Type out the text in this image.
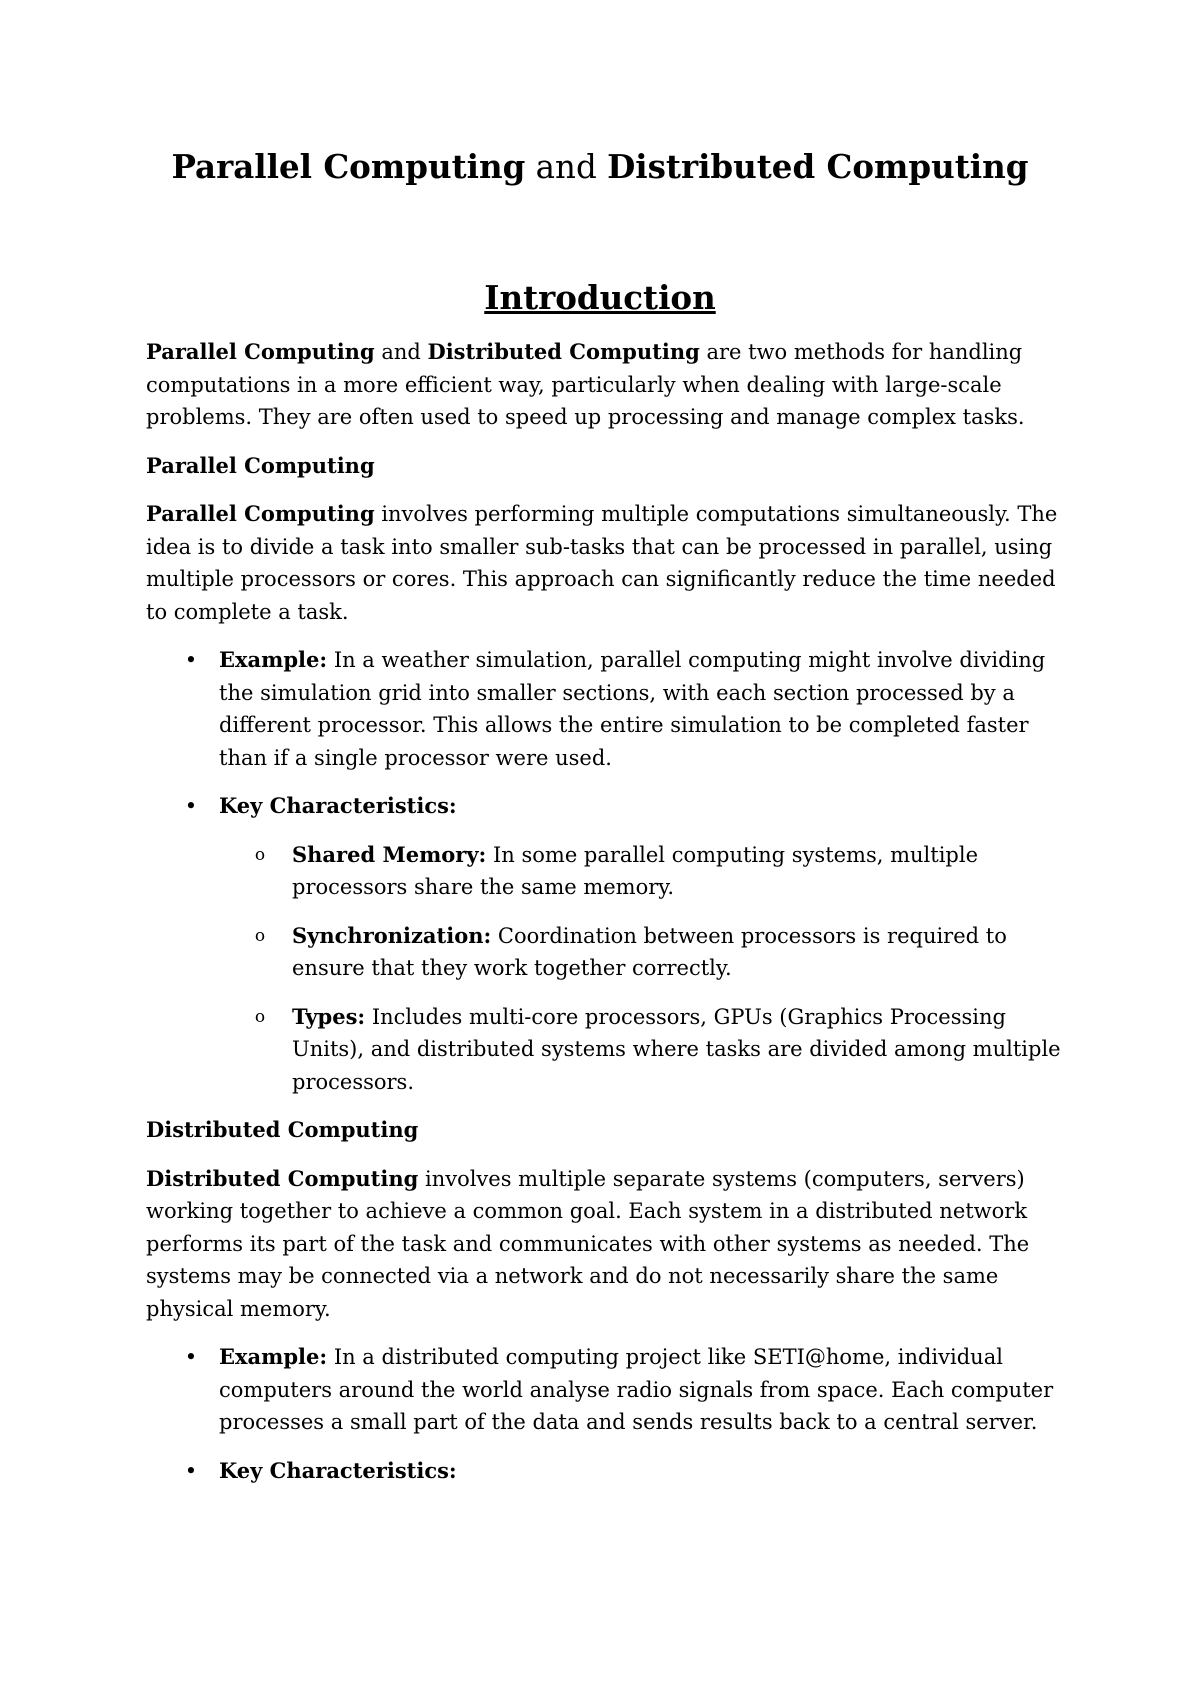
Parallel Computing and Distributed Computing
Introduction

Parallel Computing and Distributed Computing are two methods for handling computations in a more efficient way, particularly when dealing with large-scale problems. They are often used to speed up processing and manage complex tasks.

Parallel Computing

Parallel Computing involves performing multiple computations simultaneously. The idea is to divide a task into smaller sub-tasks that can be processed in parallel, using multiple processors or cores. This approach can significantly reduce the time needed to complete a task.

• Example: In a weather simulation, parallel computing might involve dividing the simulation grid into smaller sections, with each section processed by a different processor. This allows the entire simulation to be completed faster than if a single processor were used.
• Key Characteristics:
o Shared Memory: In some parallel computing systems, multiple processors share the same memory.
o Synchronization: Coordination between processors is required to ensure that they work together correctly.
o Types: Includes multi-core processors, GPUs (Graphics Processing Units), and distributed systems where tasks are divided among multiple processors.

Distributed Computing

Distributed Computing involves multiple separate systems (computers, servers) working together to achieve a common goal. Each system in a distributed network performs its part of the task and communicates with other systems as needed. The systems may be connected via a network and do not necessarily share the same physical memory.

• Example: In a distributed computing project like SETI@home, individual computers around the world analyse radio signals from space. Each computer processes a small part of the data and sends results back to a central server.
• Key Characteristics:
